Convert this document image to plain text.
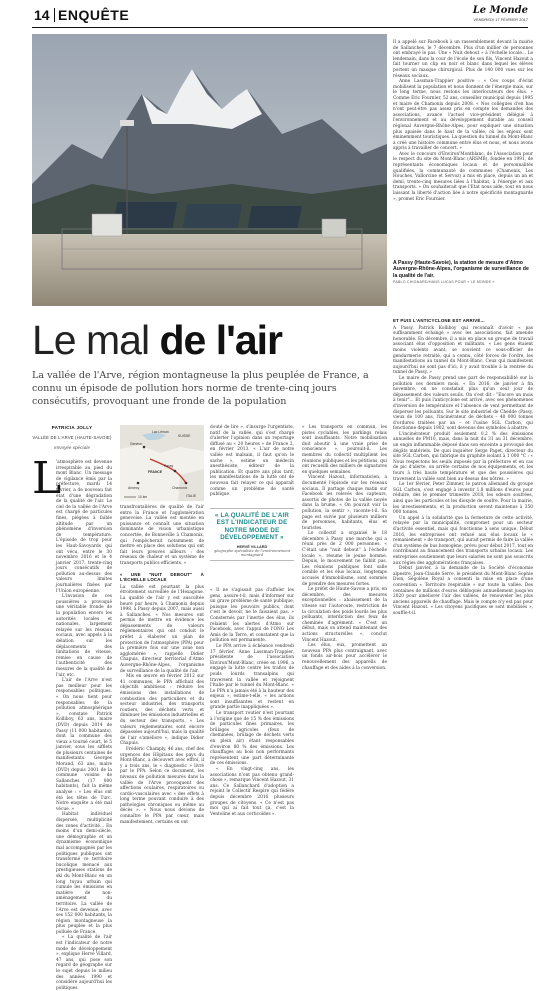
14 ENQUÊTE	Le Monde
VENDREDI 17 FÉVRIER 2017
A Passy (Haute-Savoie), la station de mesure d'Atmo Auvergne-Rhône-Alpes, l'organisme de surveillance de la qualité de l'air.
PABLO CHIGNARD/HANS LUCAS POUR « LE MONDE »
Le mal de l'air
La vallée de l'Arve, région montagneuse la plus peuplée de France, a connu un épisode de pollution hors norme de trente-cinq jours consécutifs, provoquant une fronde de la population
PATRICIA JOLLY
VALLÉE DE L'ARVE (HAUTE-SAVOIE) -
envoyée spéciale
L

'atmosphère est devenue irrespirable au pied du mont Blanc. Un message de vigilance émis par la préfecture, mardi 14 février, a de nouveau fait état d'une dégradation de la qualité de l'air. Le ciel de la vallée de l'Arve est chargé de particules fines, piégées à faible altitude par un phénomène d'inversion de température. L'épisode de trop pour les Haut-Savoyards qui ont vécu, entre le 30 novembre 2016 et le 4 janvier 2017, trente-cinq jours consécutifs de pollution au-dessus des valeurs limites journalières fixées par l'Union européenne.

L'invasion de ces poussières a provoqué une véritable fronde de la population envers les autorités locales et nationales, largement relayée sur les réseaux sociaux, avec appels à la délation sur les déplacements des limitations de vitesse, remise en cause de l'authenticité des mesures de la qualité de l'air, etc.

L'air de l'Arve n'est pas meilleur pour les responsables politiques. « On nous tient pour responsables de la pollution atmosphérique », constate Patrick Kolliboy, 63 ans, maire (DVD) depuis 2014 de Passy (11 000 habitants), dont la commune des vieux a tourné court, le 5 janvier, sous les sifflets de plusieurs centaines de manifestants. Georges Morand, 63 ans, maire (DVD) depuis 2001 de la commune voisine de Sallanches (17 000 habitants), fait la même analyse : « Les élus ont été les têtes de Turc. Notre enquête a été mal vécue. »

Habitat individuel disperséé, multiplicité des zones d'activité... En moins d'un demi-siècle, une démographie et un dynamisme économique mal accompagnés par les politiques publiques ont transformé ce territoire bucolique menacé aux prestigieuses stations de ski du Mont-Blanc en un long tuyau urbain qui cumule les émissions en matière de non-aménagement du territoire. La vallée de l'Arve est devenue, avec ses 152 000 habitants, la région montagneuse la plus peuplée et la plus polluée de France.

« La qualité de l'air est l'indicateur de notre mode de développement », explique Hervé Villard, 47 ans, qui pose son regard de géographe sur le sujet depuis le milieu des années 1990 et considère aujourd'hui les politiques

Genève
Lac Léman
SUISSE
Annecy
Passy
Chamonix
FRANCE
ITALIE
10 km

transfrontalières de qualité de l'air entre la France et l'agglomération genevoise. La vallée est montée en puissance et connaît une situation dominante de vision urbanistique concertée, de Bonneville à Chamonix, qui l'empêcherait notamment de mettre en place des solutions qui ont fait leurs preuves ailleurs : des réseaux de chaleur et un système de transports publics efficients. »

« UNE "NUIT DEBOUT" À L'ÉCHELLE LOCALE

La vallée est pourtant la plus étroitement surveillée de l'Hexagone. La qualité de l'air y est auscultée heure par heure, à Chamonix depuis 1998, à Passy depuis 2007, mais aussi à Sallanches. « Nos mesures ont permis de mettre en évidence les dépassements de valeurs réglementaires qui ont conduit le préfet à élaborer un plan de protection de l'atmosphère (PPA) pour la première fois sur une zone non agglomérée », rappelle Didier Chapuis, directeur territorial d'Atmo Auvergne-Rhône-Alpes, l'organisme de surveillance de la qualité de l'air.

Mis en œuvre en février 2012 sur 41 communes, le PPA affichait des objectifs ambitieux : réduire les émissions des installations de combustion des particuliers et du secteur industriel, des transports routiers, des déchets verts et diminuer les émissions industrielles et du secteur des transports. « Les valeurs réglementaires sont encore dépassées aujourd'hui, mais la qualité de l'air s'améliore », indique Didier Chapuis.

Frédéric Champly, 46 ans, chef des urgences des Hôpitaux des pays du Mont-Blanc, a découvert avec effroi, il y a trois ans, le « diagnostic » livré par le PPA. Selon ce document, les niveaux de pollution mesurés dans la vallée de l'Arve provoquent des affections oculaires, respiratoires ou cardio-vasculaires avec « des effets à long terme pouvant conduire à des pathologies chroniques ou même au décès ». « Nous nous devions de connaître le PPA par cœur, mais manifestement, certains en ont

douté de lire », s'insurge l'urgentiste, natif de la vallée, qui s'est chargé d'alerter l'opinion dans un reportage diffusé au « 20 heures » de France 2, en février 2013. « L'air de notre vallée est malsain, il faut qu'on le sache », estime un médecin anesthésiste, éditeur de la publication. Et quatre ans plus tard, les manifestations de la lutte ont de nouveau fait relayer ce qui apparaît comme un problème de santé publique.

« LA QUALITÉ DE L'AIR EST L'INDICATEUR DE NOTRE MODE DE DÉVELOPPEMENT »
HERVÉ VILLARD
géographe spécialiste de l'environnement montagnard

« Il ne s'agissait pas d'affoler les gens, assure-t-il, mais d'informer sur un grave problème de santé publique, puisque les pouvoirs publics, dont c'est le devoir, ne le faisaient pas. » Consternés par l'inertie des élus, ils relaient les alertes d'Atmo sur Facebook, avec l'appui de l'ONG Les Amis de la Terre, et constatent que la pollution est permanente.

Le PPA arrive à échéance vendredi 17 février. Anne Lassman-Trappier, présidente de l'association Environ'Mont-Blanc, créée en 1996, a engagé la lutte contre les trafics de poids lourds transalpins qui traversent la vallée et rejoignent l'Italie par le tunnel du Mont-Blanc. « Le PPA n'a jamais été à la hauteur des enjeux », estime-t-elle, « les actions sont insuffisantes et restent en grande partie inappliquées ».

Le transport routier n'est pourtant à l'origine que de 15 % des émissions de particules fines primaires, les brûlages agricoles (feux de cheminées, brûlage de déchets verts en plein air) étant responsables d'environ 80 % des émissions. Les chauffages au bois non performants représentent une part déterminante de ces émissions.

« En vingt-cinq ans, les associations n'ont pas obtenu grand-chose », remarque Vincent Hazout, 31 ans. Ce Sallanchard d'adoption a rejoint le Collectif Respire qui fédère depuis décembre 2016 plusieurs groupes de citoyens. « Ce n'est pas moi qui ai fait tout ça, c'est la Ventoline et aux corticoïdes ».

« Les transports en commun, les pistes cyclables, les parkings relais sont insuffisants. Notre mobilisation doit aboutir à une vraie prise de conscience », poursuit-il. Les membres du collectif multiplient les réunions publiques et les pétitions, qui ont recueilli des milliers de signatures en quelques semaines.

Vincent Hazout, informaticien, a documenté l'épisode sur les réseaux sociaux. Il partage chaque matin sur Facebook les relevés des capteurs, assortis de photos de la vallée noyée dans la brume. « On pouvait voir la pollution, la sentir », raconte-t-il. Sa page est suivie par plusieurs milliers de personnes, habitants, élus et touristes.

Le collectif a organisé le 18 décembre à Passy une marche qui a réuni près de 2 000 personnes. « C'était une "nuit debout" à l'échelle locale », résume le jeune homme. Depuis, le mouvement ne faiblit pas. Les réunions publiques font salle comble et les élus locaux, longtemps accusés d'immobilisme, sont sommés de prendre des mesures fortes.

Le préfet de Haute-Savoie a pris, en décembre, des mesures exceptionnelles : abaissement de la vitesse sur l'autoroute, restriction de la circulation des poids lourds les plus polluants, interdiction des feux de cheminée d'agrément. « C'est un début, mais on attend maintenant des actions structurelles », conclut Vincent Hazout.

Les élus, eux, promettent un nouveau PPA plus contraignant, avec un fonds air-bois pour accélérer le renouvellement des appareils de chauffage et des aides à la conversion.

Il a appelé sur Facebook à un rassemblement devant la mairie de Sallanches, le 7 décembre. Plus d'un millier de personnes ont embrayé le pas. Une « Nuit debout » à l'échelle locale... Le lendemain, dans la cour de l'école de son fils, Vincent Hazout a fait tourner un clip en noir et blanc dans lequel les élèves portent un masque chirurgical. Plus de 140 000 vues sur les réseaux sociaux.

Anne Lassman-Trappier positive : « Ces coups d'éclat mobilisent la population et nous donnent de l'énergie mais, sur le long terme, nous restons les interlocuteurs des élus. » Comme Eric Fournier, 52 ans, conseiller municipal depuis 1995 et maire de Chamonix depuis 2008. « Nos collègues d'en bas n'ont peut-être pas assez pris en compte les demandes des associations, avance l'actuel vice-président délégué à l'environnement et au développement durable au conseil régional Auvergne-Rhône-Alpes, pour expliquer une situation plus apaisée dans le haut de la vallée, où les enjeux sont éminemment touristiques. La question du tunnel du Mont-Blanc a créé une histoire commune entre élus et nous, et nous avons appris à travailler de concert. »

Avec le concours d'Environ'Montblanc, de l'Association pour le respect du site du Mont-Blanc (ARSMB), fondée en 1991, de représentants économiques locaux et de personnalités qualifiées, la communauté de communes (Chamonix, Les Houches, Vallorcine et Servoz) a mis en place, depuis un an et demi, trente-cinq mesures liées à l'habitat, à l'énergie et aux transports. « On souhaiterait que l'Etat nous aide, tout en nous laissant la liberté d'action liée à notre spécificité montagnarde », promet Eric Fournier.

ET PUIS L'ANTICYCLONE EST ARRIVÉ...

A Passy, Patrick Kolliboy qui reconnaît d'avoir « pas suffisamment échangé » avec les associations, fait amende honorable. En décembre, il a mis en place un groupe de travail associant élus d'opposition et militants. « Les gens étaient moins violents avant, se souvient ce sous-officier de gendarmerie retraité, qui a connu, côté forces de l'ordre, les manifestations au tunnel du Mont-Blanc. Ceux qui manifestent aujourd'hui ne sont pas d'ici, il y avait trouble à la rentrée du tunnel de Passy. »

Le maire de Passy prend une part de responsabilité sur la pollution ces derniers mois. « En 2016, de janvier à fin novembre, on ne constatait plus qu'un seul jour de dépassement des valeurs seuils. On s'est dit : "Encore un mois à tenir"... Et puis l'anticyclone est arrivé, avec ses phénomènes d'inversion de température et l'absence de vent permettant de disperser les polluants. Sur le site industriel de Chedde (Passy, vieux de 100 ans, l'incinérateur de déchets – 40 000 tonnes d'ordures traitées par an – et l'usine SGL Carbon, qui fonctionne depuis 1902, sont devenus des symboles à abattre.

L'incinérateur produit seulement 0,2 % des émissions annuelles de PM10, mais, dans la nuit du 31 au 31 décembre, un engin inflammable déposé dans son enceinte a provoqué des dégâts matériels. De quoi inquiéter Serge Paget, directeur du site SGL Carbon, qui fabrique du graphite isolant à 1 000 °C : « Nous respectons les seuils imposés par la préfecture et en cas de pic d'alerte, on arrête certains de nos équipements, et, les fours à très haute température et que des poussières qui traversent la vallée sont bien au-dessus des nôtres. »

Le 1er février, Peter Zimmer, le patron allemand du groupe SGL Carbon, s'est engagé à investir 1,8 millions d'euros pour réduire, dès le premier trimestre 2018, les odeurs soufrées, ainsi que les particules et les dioxyde de soufre. Pour la mairie, les investissements, et la production seront maintenus à 350 000 tonnes.

Un appel à la solidarité que la fermeture de cette activité, relayée par la municipalité, compromet pour un secteur d'activité essentiel, mais qui fonctionne à sens unique. Début 2016, les entreprises ont refusé aux élus locaux le « remaniement » de transport, qui aurait permis de faire la vallée d'un système de bus homogène, prévu pour début 2017, tout en contribuant au financement des transports urbains locaux. Les entreprises soutiennent que leurs salariés ne sont pas souscrits aux régies des agglomérations françaises.

Début janvier, à la demande de la Société d'économie alpestre, Jean-Claude Serre, le président du Mont-Blanc Sophie Dion, Ségolène Royal a consenti la mise en place d'une convention « Territoire respirable » sur toute la vallée. Des centaines de millions d'euros débloqués annuellement jusqu'en 2020 pour améliorer l'air des vallées, de renouveler les plus anciens appareils de chauffage. Mais le compte n'y est pas pour Vincent Hazout. « Les citoyens pacifiques se sont mobilisés », souffle-t-il.
